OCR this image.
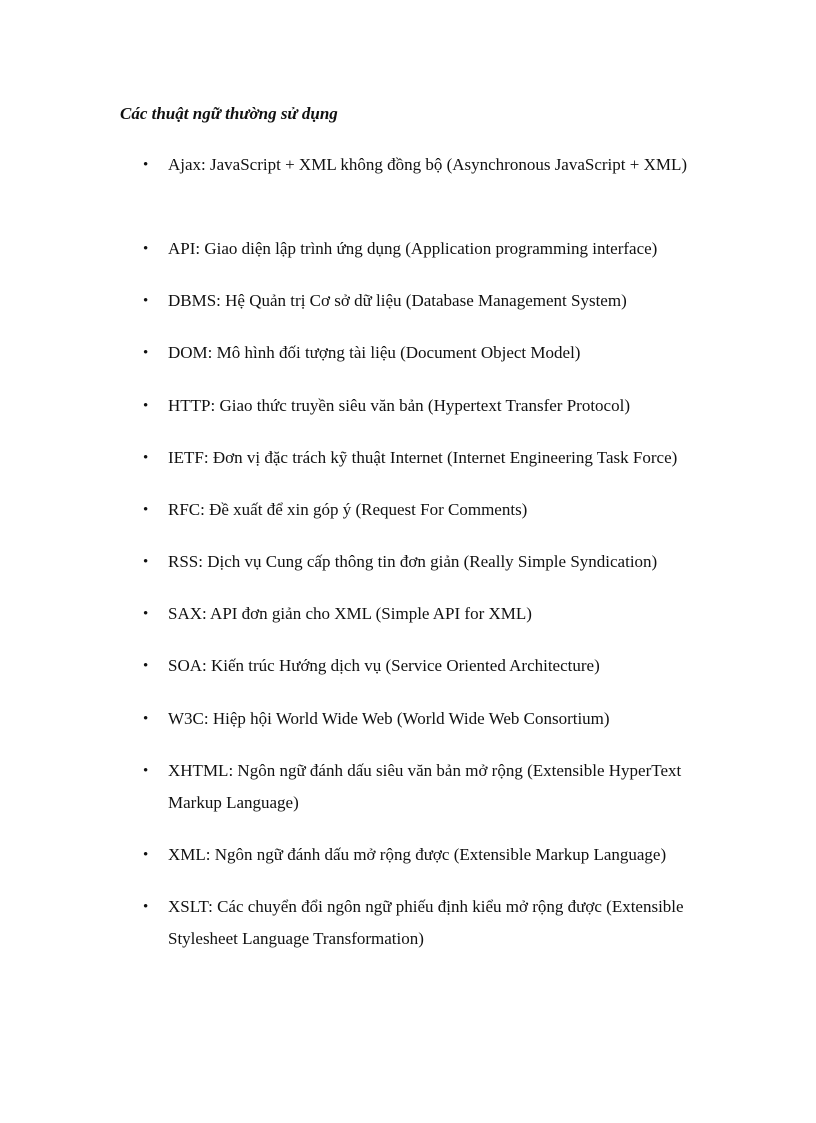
Các thuật ngữ thường sử dụng
• Ajax: JavaScript + XML không đồng bộ (Asynchronous JavaScript + XML)
• API: Giao diện lập trình ứng dụng (Application programming interface)
• DBMS: Hệ Quản trị Cơ sở dữ liệu (Database Management System)
• DOM: Mô hình đối tượng tài liệu (Document Object Model)
• HTTP: Giao thức truyền siêu văn bản (Hypertext Transfer Protocol)
• IETF: Đơn vị đặc trách kỹ thuật Internet (Internet Engineering Task Force)
• RFC: Đề xuất để xin góp ý (Request For Comments)
• RSS: Dịch vụ Cung cấp thông tin đơn giản (Really Simple Syndication)
• SAX: API đơn giản cho XML (Simple API for XML)
• SOA: Kiến trúc Hướng dịch vụ (Service Oriented Architecture)
• W3C: Hiệp hội World Wide Web (World Wide Web Consortium)
• XHTML: Ngôn ngữ đánh dấu siêu văn bản mở rộng (Extensible HyperText Markup Language)
• XML: Ngôn ngữ đánh dấu mở rộng được (Extensible Markup Language)
• XSLT: Các chuyển đổi ngôn ngữ phiếu định kiểu mở rộng được (Extensible Stylesheet Language Transformation)
